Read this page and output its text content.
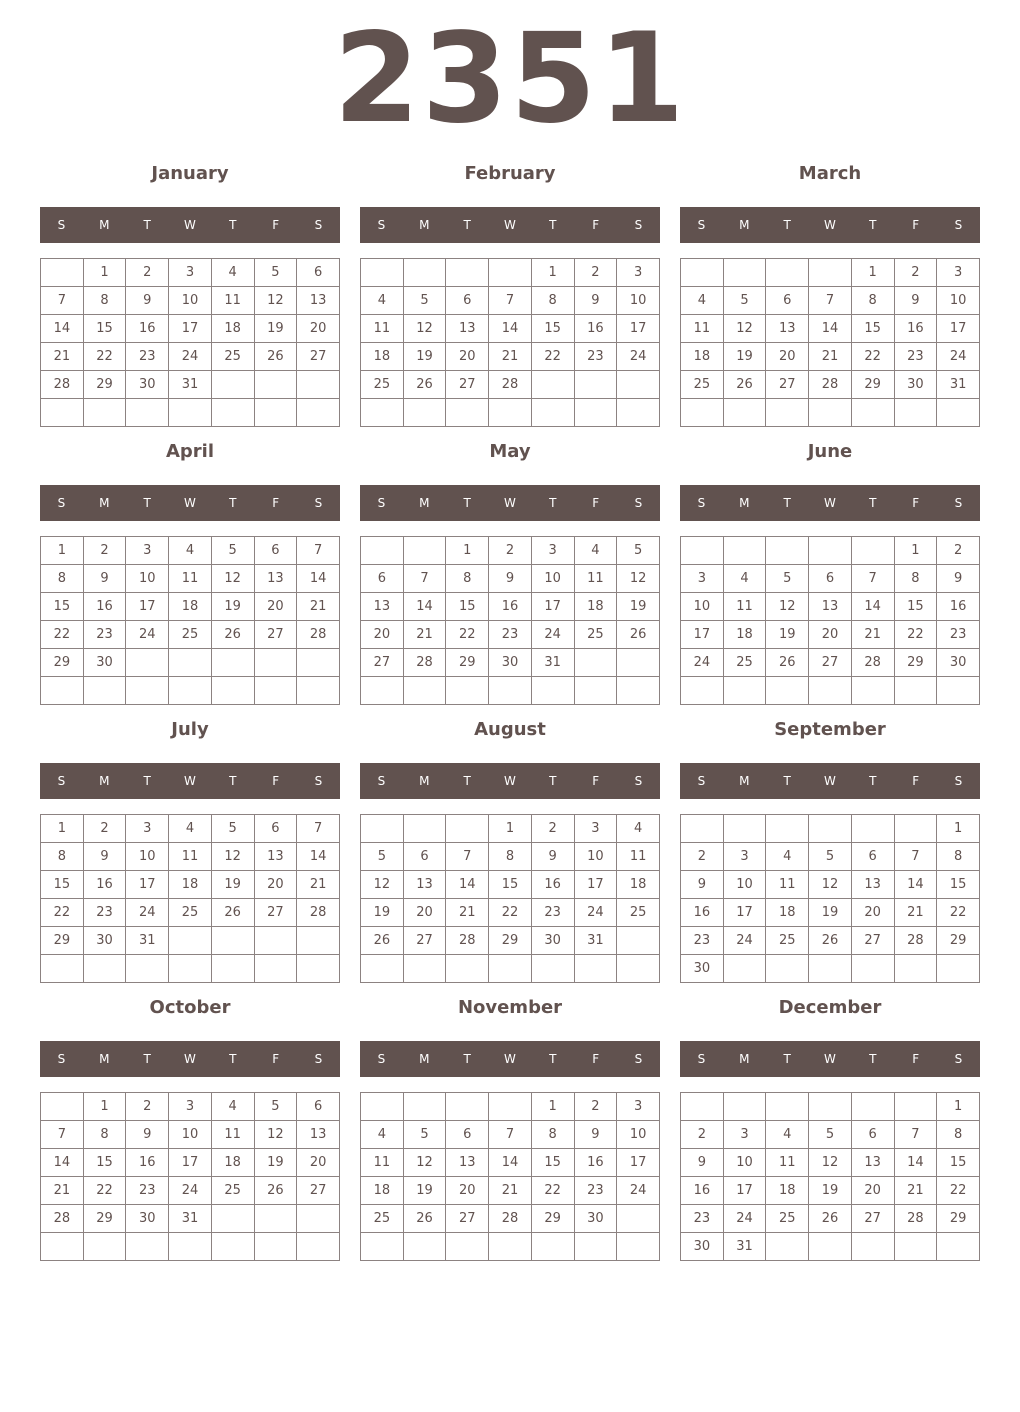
2351
January
S	M	T	W	T	F	S
	1	2	3	4	5	6
7	8	9	10	11	12	13
14	15	16	17	18	19	20
21	22	23	24	25	26	27
28	29	30	31			

February
S	M	T	W	T	F	S
				1	2	3
4	5	6	7	8	9	10
11	12	13	14	15	16	17
18	19	20	21	22	23	24
25	26	27	28			

March
S	M	T	W	T	F	S
				1	2	3
4	5	6	7	8	9	10
11	12	13	14	15	16	17
18	19	20	21	22	23	24
25	26	27	28	29	30	31

April
S	M	T	W	T	F	S
1	2	3	4	5	6	7
8	9	10	11	12	13	14
15	16	17	18	19	20	21
22	23	24	25	26	27	28
29	30					

May
S	M	T	W	T	F	S
		1	2	3	4	5
6	7	8	9	10	11	12
13	14	15	16	17	18	19
20	21	22	23	24	25	26
27	28	29	30	31		

June
S	M	T	W	T	F	S
					1	2
3	4	5	6	7	8	9
10	11	12	13	14	15	16
17	18	19	20	21	22	23
24	25	26	27	28	29	30

July
S	M	T	W	T	F	S
1	2	3	4	5	6	7
8	9	10	11	12	13	14
15	16	17	18	19	20	21
22	23	24	25	26	27	28
29	30	31				

August
S	M	T	W	T	F	S
			1	2	3	4
5	6	7	8	9	10	11
12	13	14	15	16	17	18
19	20	21	22	23	24	25
26	27	28	29	30	31	

September
S	M	T	W	T	F	S
						1
2	3	4	5	6	7	8
9	10	11	12	13	14	15
16	17	18	19	20	21	22
23	24	25	26	27	28	29
30						
October
S	M	T	W	T	F	S
	1	2	3	4	5	6
7	8	9	10	11	12	13
14	15	16	17	18	19	20
21	22	23	24	25	26	27
28	29	30	31			

November
S	M	T	W	T	F	S
				1	2	3
4	5	6	7	8	9	10
11	12	13	14	15	16	17
18	19	20	21	22	23	24
25	26	27	28	29	30	

December
S	M	T	W	T	F	S
						1
2	3	4	5	6	7	8
9	10	11	12	13	14	15
16	17	18	19	20	21	22
23	24	25	26	27	28	29
30	31					
